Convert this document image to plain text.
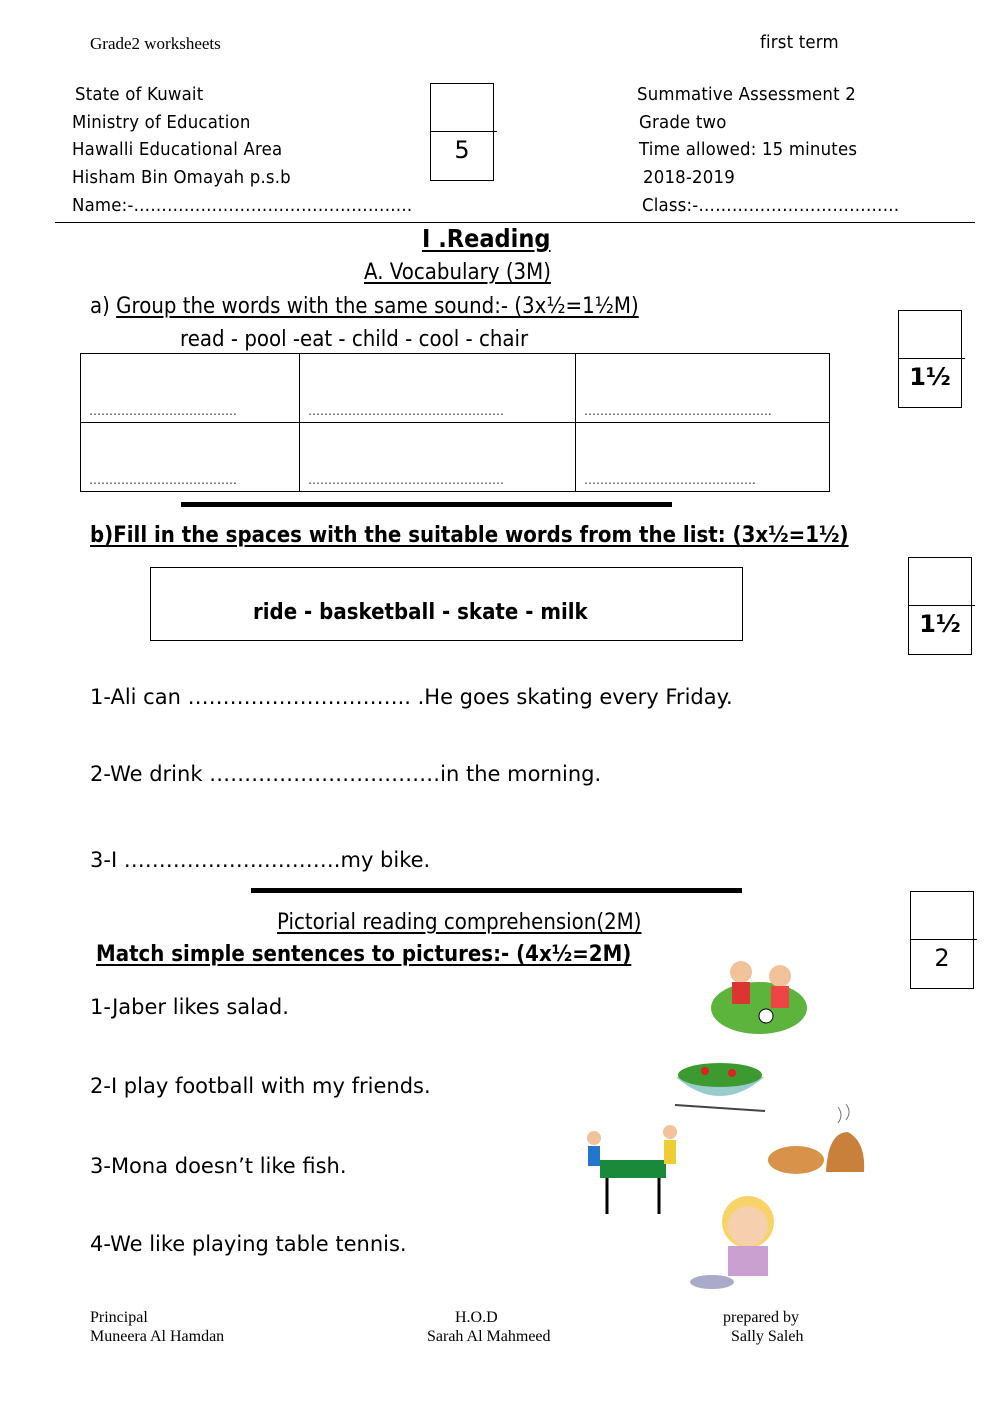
Grade2 worksheets	first term
State of Kuwait
Ministry of Education
Hawalli Educational Area
Hisham Bin Omayah p.s.b
Name:-…………………………………………..
5
Summative Assessment 2
Grade two
Time allowed: 15 minutes
2018-2019
Class:-………………………………
I .Reading
A. Vocabulary (3M)
a) Group the words with the same sound:- (3x½=1½M)
read - pool -eat - child - cool - chair
……………………………….	………………………………………….	………………………………………..
……………………………….	………………………………………….	…………………………………….
1½
b)Fill in the spaces with the suitable words from the list: (3x½=1½)
ride - basketball - skate - milk	1½
1-Ali can ………………………….. .He goes skating every Friday.
2-We drink ……………………………in the morning.
3-I ………………………….my bike.
Pictorial reading comprehension(2M)
Match simple sentences to pictures:- (4x½=2M)	2
1-Jaber likes salad.
2-I play football with my friends.
3-Mona doesn’t like fish.
4-We like playing table tennis.
Principal
Muneera Al Hamdan
H.O.D
Sarah Al Mahmeed
prepared by
Sally Saleh
